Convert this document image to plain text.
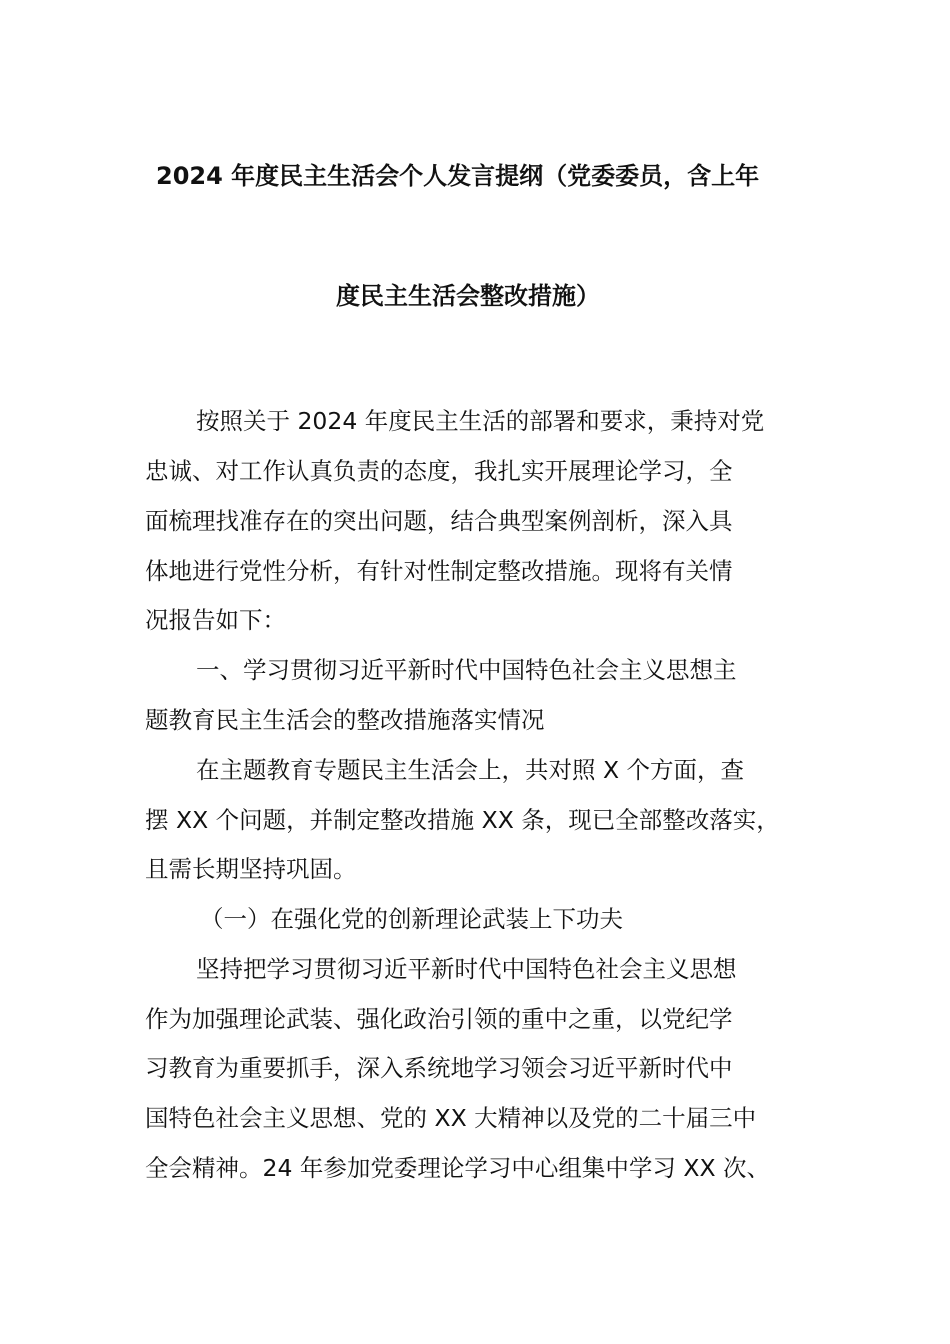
2024 年度民主生活会个人发言提纲（党委委员，含上年
度民主生活会整改措施）
按照关于 2024 年度民主生活的部署和要求，秉持对党
忠诚、对工作认真负责的态度，我扎实开展理论学习，全
面梳理找准存在的突出问题，结合典型案例剖析，深入具
体地进行党性分析，有针对性制定整改措施。现将有关情
况报告如下：
一、学习贯彻习近平新时代中国特色社会主义思想主
题教育民主生活会的整改措施落实情况
在主题教育专题民主生活会上，共对照 X 个方面，查
摆 XX 个问题，并制定整改措施 XX 条，现已全部整改落实，
且需长期坚持巩固。
（一）在强化党的创新理论武装上下功夫
坚持把学习贯彻习近平新时代中国特色社会主义思想
作为加强理论武装、强化政治引领的重中之重，以党纪学
习教育为重要抓手，深入系统地学习领会习近平新时代中
国特色社会主义思想、党的 XX 大精神以及党的二十届三中
全会精神。24 年参加党委理论学习中心组集中学习 XX 次、
